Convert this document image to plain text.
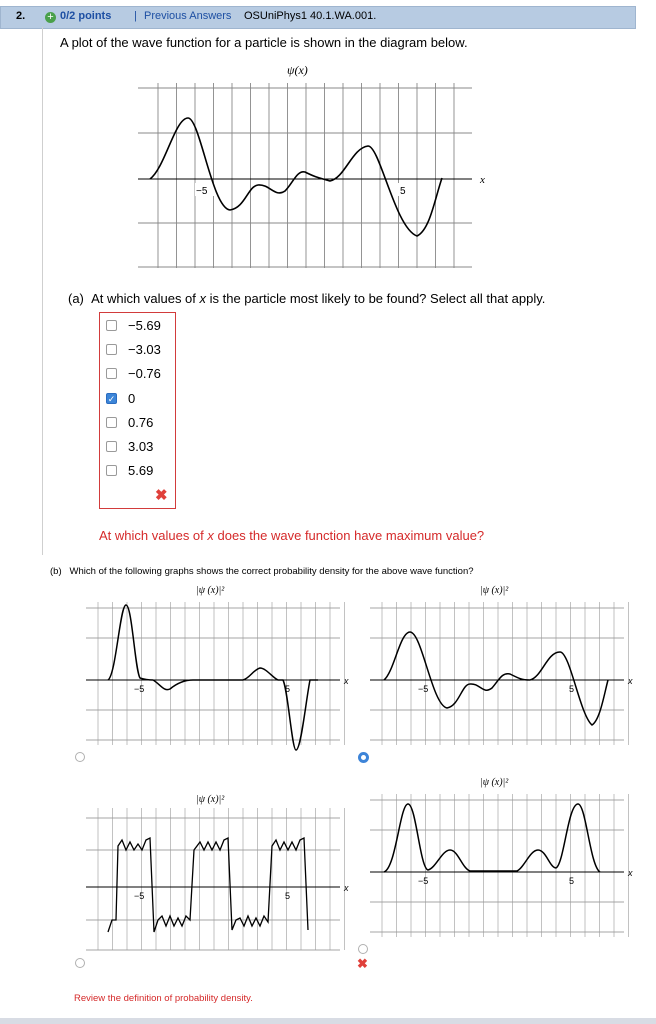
2. + 0/2 points | Previous Answers OSUniPhys1 40.1.WA.001.
A plot of the wave function for a particle is shown in the diagram below.
ψ(x)
x
−5	5
(a) At which values of x is the particle most likely to be found? Select all that apply.
−5.69
−3.03
−0.76
✓ 0
0.76
3.03
5.69
✖
At which values of x does the wave function have maximum value?
(b) Which of the following graphs shows the correct probability density for the above wave function?
|ψ (x)|²
x
−5	5
|ψ (x)|²
x
−5	5
|ψ (x)|²
x
−5	5
|ψ (x)|²
x
−5	5
✖
Review the definition of probability density.
